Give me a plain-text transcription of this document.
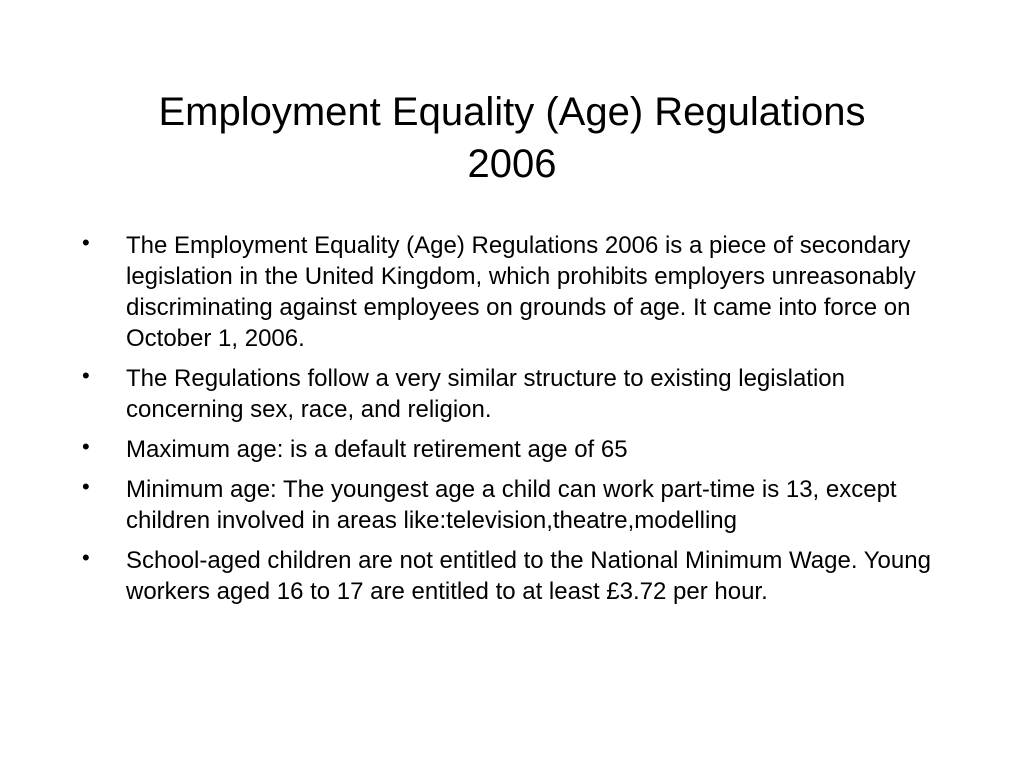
Employment Equality (Age) Regulations
2006
• The Employment Equality (Age) Regulations 2006 is a piece of secondary legislation in the United Kingdom, which prohibits employers unreasonably discriminating against employees on grounds of age. It came into force on October 1, 2006.
• The Regulations follow a very similar structure to existing legislation concerning sex, race, and religion.
• Maximum age: is a default retirement age of 65
• Minimum age: The youngest age a child can work part-time is 13, except children involved in areas like:television,theatre,modelling
• School-aged children are not entitled to the National Minimum Wage. Young workers aged 16 to 17 are entitled to at least £3.72 per hour.
